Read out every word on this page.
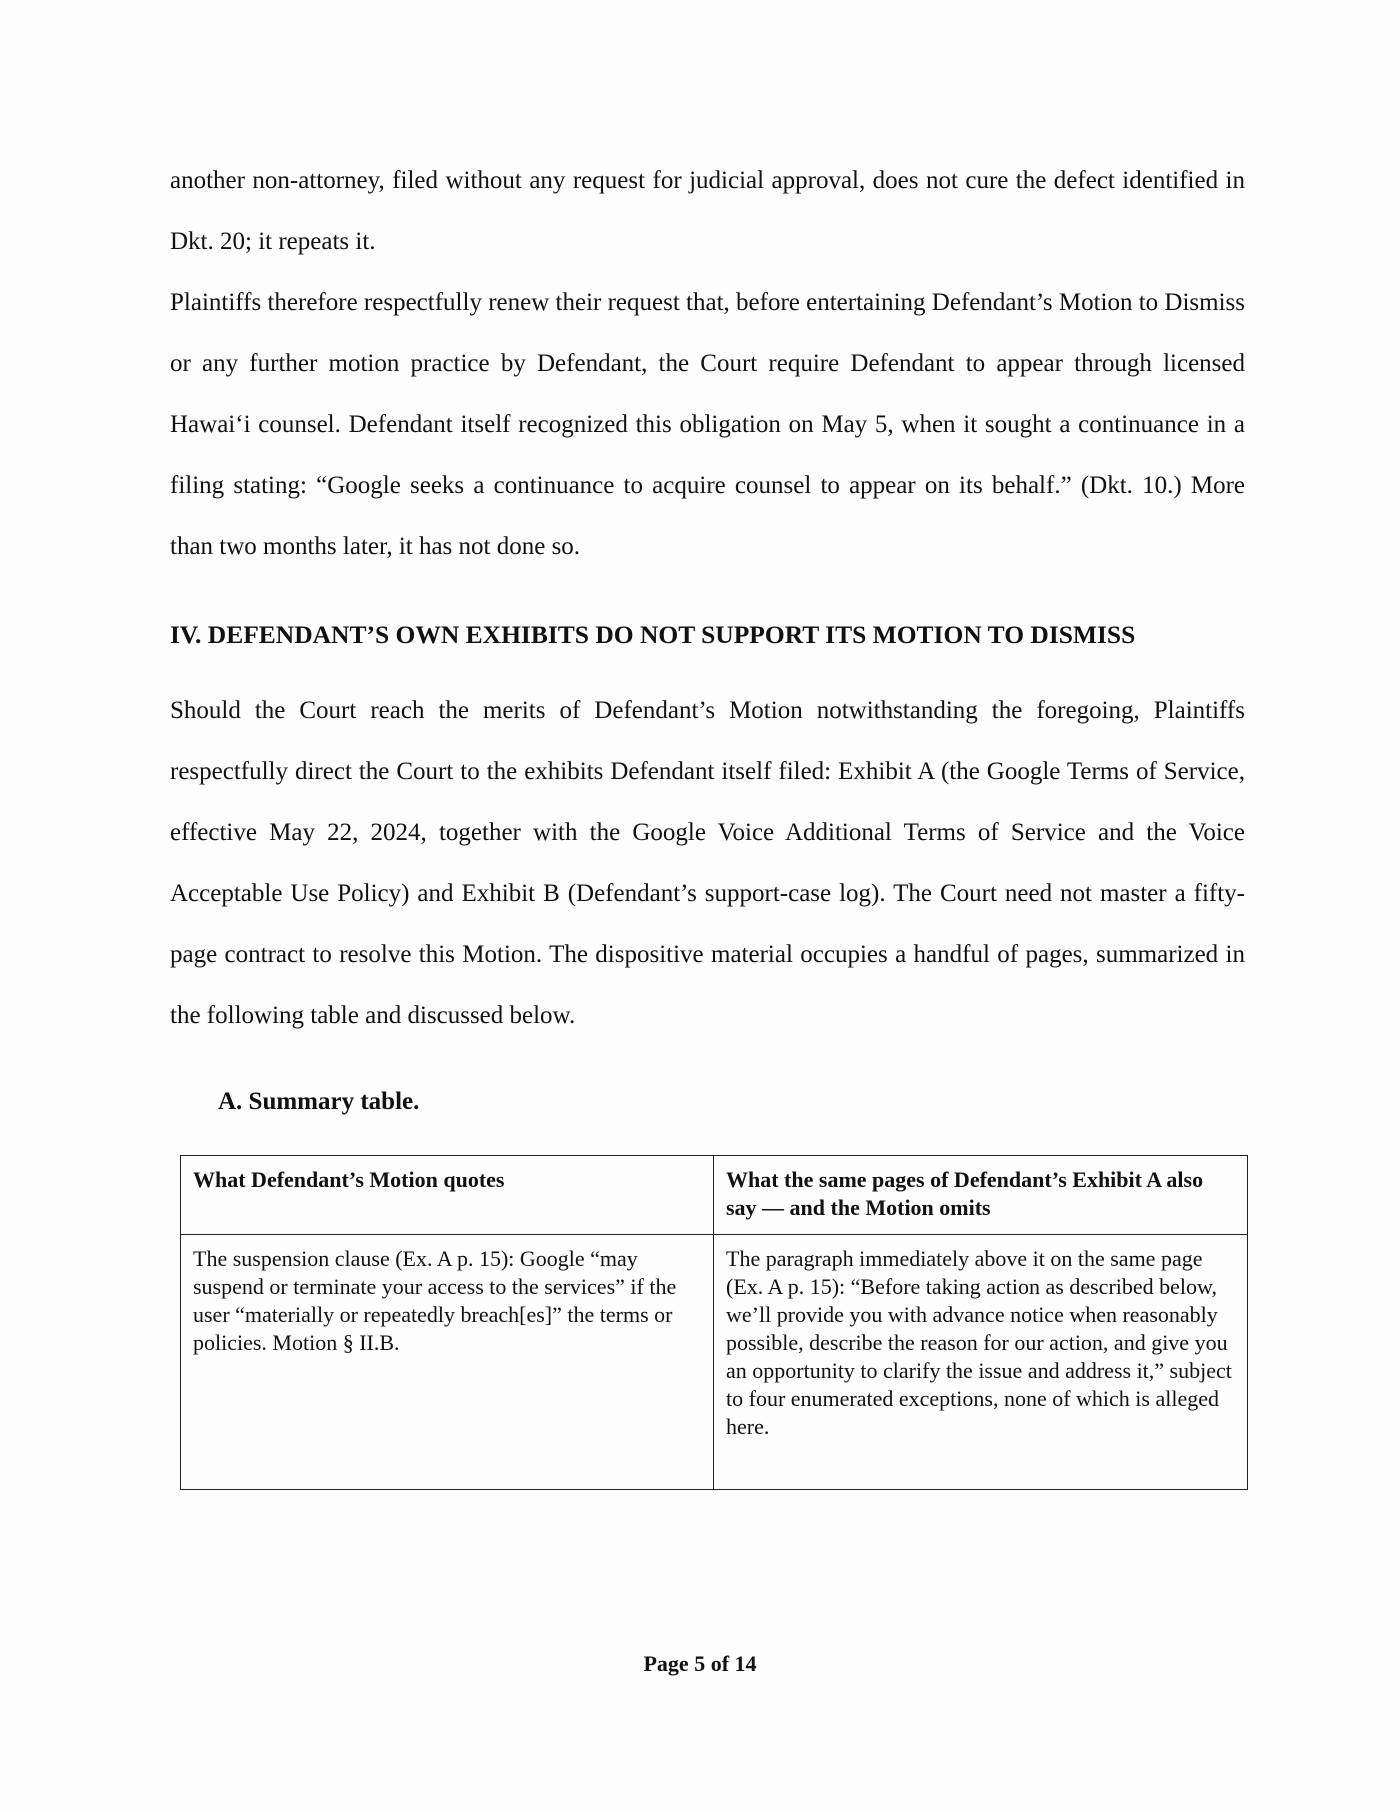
another non-attorney, filed without any request for judicial approval, does not cure the defect identified in Dkt. 20; it repeats it.
Plaintiffs therefore respectfully renew their request that, before entertaining Defendant’s Motion to Dismiss or any further motion practice by Defendant, the Court require Defendant to appear through licensed Hawai‘i counsel. Defendant itself recognized this obligation on May 5, when it sought a continuance in a filing stating: “Google seeks a continuance to acquire counsel to appear on its behalf.” (Dkt. 10.) More than two months later, it has not done so.
IV. DEFENDANT’S OWN EXHIBITS DO NOT SUPPORT ITS MOTION TO DISMISS
Should the Court reach the merits of Defendant’s Motion notwithstanding the foregoing, Plaintiffs respectfully direct the Court to the exhibits Defendant itself filed: Exhibit A (the Google Terms of Service, effective May 22, 2024, together with the Google Voice Additional Terms of Service and the Voice Acceptable Use Policy) and Exhibit B (Defendant’s support-case log). The Court need not master a fifty-page contract to resolve this Motion. The dispositive material occupies a handful of pages, summarized in the following table and discussed below.
A. Summary table.
What Defendant’s Motion quotes	What the same pages of Defendant’s Exhibit A also say — and the Motion omits
The suspension clause (Ex. A p. 15): Google “may suspend or terminate your access to the services” if the user “materially or repeatedly breach[es]” the terms or policies. Motion § II.B.	The paragraph immediately above it on the same page (Ex. A p. 15): “Before taking action as described below, we’ll provide you with advance notice when reasonably possible, describe the reason for our action, and give you an opportunity to clarify the issue and address it,” subject to four enumerated exceptions, none of which is alleged here.
Page 5 of 14
